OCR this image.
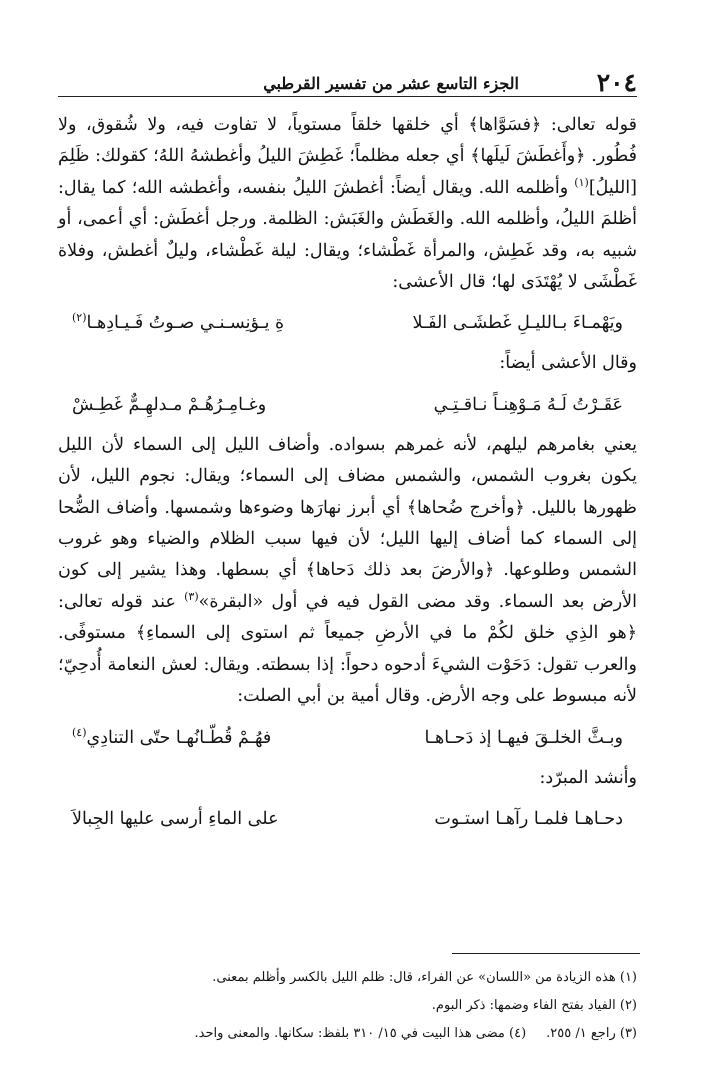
٢٠٤
الجزء التاسع عشر من تفسير القرطبي

قوله تعالى: ﴿فسَوَّاها﴾ أي خلقها خلقاً مستوياً، لا تفاوت فيه، ولا شُقوق، ولا فُطُور. ﴿وأَغطَشَ لَيلَها﴾ أي جعله مظلماً؛ غَطِشَ الليلُ وأغطشهُ اللهُ؛ كقولك: ظَلِمَ [الليلُ]$^{(١)}$ وأظلمه الله. ويقال أيضاً: أغطشَ الليلُ بنفسه، وأغطشه الله؛ كما يقال: أظلمَ الليلُ، وأظلمه الله. والغَطَش والغَبَش: الظلمة. ورجل أغطَش: أي أعمى، أو شبيه به، وقد غَطِش، والمرأة غَطْشاء؛ ويقال: ليلة غَطْشاء، وليلٌ أغطش، وفلاة غَطْشَى لا يُهْتَدَى لها؛ قال الأعشى:

ويَهْمـاءَ بـالليـلِ غَطشَـى الفَـلا
ةِ يـؤنِسـنـي صـوتُ فَـيـادِهـا$^{(٢)}$

وقال الأعشى أيضاً:

عَقَـرْتُ لَـهُ مَـوْهِنـاً نـاقـتِـي
وغـامِـرُهُـمْ مـدلهِـمٌّ غَطِـشْ

يعني بغامرهم ليلهم، لأنه غمرهم بسواده. وأضاف الليل إلى السماء لأن الليل يكون بغروب الشمس، والشمس مضاف إلى السماء؛ ويقال: نجوم الليل، لأن ظهورها بالليل. ﴿وأخرج ضُحاها﴾ أي أبرز نهارَها وضوءها وشمسها. وأضاف الضُّحا إلى السماء كما أضاف إليها الليل؛ لأن فيها سبب الظلام والضياء وهو غروب الشمس وطلوعها. ﴿والأرضَ بعد ذلك دَحاها﴾ أي بسطها. وهذا يشير إلى كون الأرض بعد السماء. وقد مضى القول فيه في أول «البقرة»$^{(٣)}$ عند قوله تعالى: ﴿هو الذِي خلق لكُمْ ما في الأرضِ جميعاً ثم استوى إلى السماءِ﴾ مستوفًى. والعرب تقول: دَحَوْت الشيءَ أدحوه دحواً: إذا بسطته. ويقال: لعش النعامة أُدحِيّ؛ لأنه مبسوط على وجه الأرض. وقال أمية بن أبي الصلت:

وبـثَّ الخلـقَ فيهـا إذ دَحـاهـا
فهُـمْ قُطّـانُهـا حتّى التنادِي$^{(٤)}$

وأنشد المبرّد:

دحـاهـا فلمـا رآهـا استـوت
على الماءِ أرسى عليها الجِبالاَ
(١) هذه الزيادة من «اللسان» عن الفراء، قال: ظلم الليل بالكسر وأظلم بمعنى.
(٢) الفياد بفتح الفاء وضمها: ذكر البوم.
(٣) راجع ١/ ٢٥٥.
(٤) مضى هذا البيت في ١٥/ ٣١٠ بلفظ: سكانها. والمعنى واحد.
